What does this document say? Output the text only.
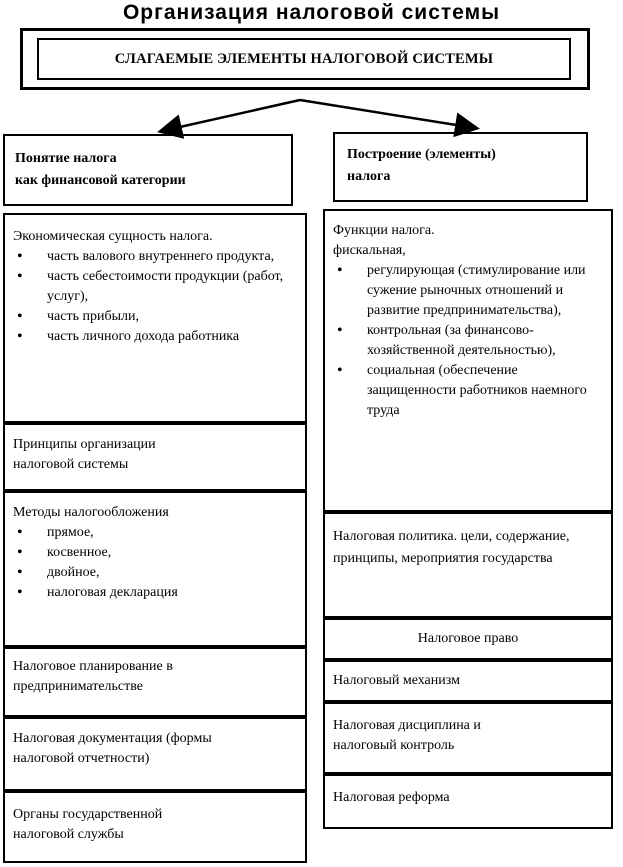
Организация налоговой системы
СЛАГАЕМЫЕ ЭЛЕМЕНТЫ НАЛОГОВОЙ СИСТЕМЫ
Понятие налога
как финансовой категории
Экономическая сущность налога.
• часть валового внутреннего продукта,
• часть себестоимости продукции (работ, услуг),
• часть прибыли,
• часть личного дохода работника
Принципы организации налоговой системы
Методы налогообложения
• прямое,
• косвенное,
• двойное,
• налоговая декларация
Налоговое планирование в предпринимательстве
Налоговая документация (формы налоговой отчетности)
Органы государственной налоговой службы
Построение (элементы)
налога
Функции налога.
фискальная,
• регулирующая (стимулирование или сужение рыночных отношений и развитие предпринимательства),
• контрольная (за финансово-хозяйственной деятельностью),
• социальная (обеспечение защищенности работников наемного труда
Налоговая политика. цели, содержание, принципы, мероприятия государства
Налоговое право
Налоговый механизм
Налоговая дисциплина и налоговый контроль
Налоговая реформа
